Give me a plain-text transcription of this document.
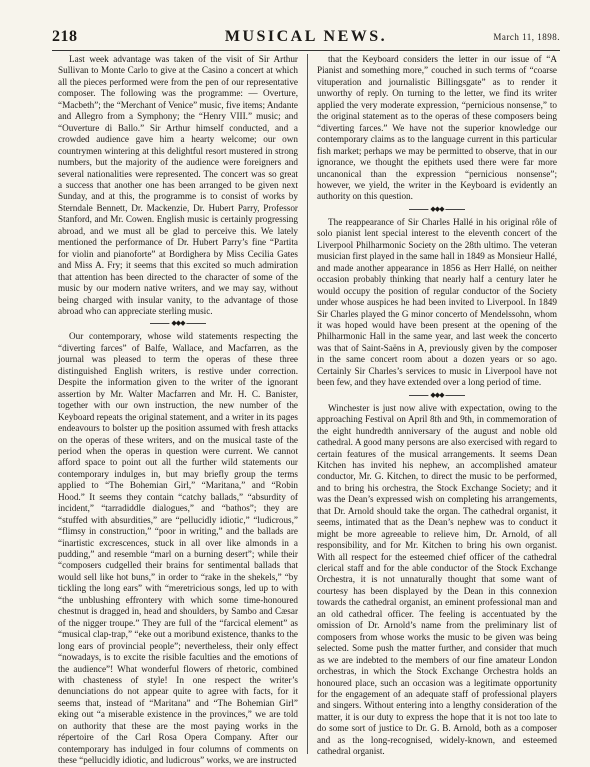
218	MUSICAL NEWS.	March 11, 1898.

Last week advantage was taken of the visit of Sir Arthur Sullivan to Monte Carlo to give at the Casino a concert at which all the pieces performed were from the pen of our representative composer. The following was the programme: — Overture, “Macbeth”; the “Merchant of Venice” music, five items; Andante and Allegro from a Symphony; the “Henry VIII.” music; and “Ouverture di Ballo.” Sir Arthur himself conducted, and a crowded audience gave him a hearty welcome; our own countrymen wintering at this delightful resort mustered in strong numbers, but the majority of the audience were foreigners and several nationalities were represented. The concert was so great a success that another one has been arranged to be given next Sunday, and at this, the programme is to consist of works by Sterndale Bennett, Dr. Mackenzie, Dr. Hubert Parry, Professor Stanford, and Mr. Cowen. English music is certainly progressing abroad, and we must all be glad to perceive this. We lately mentioned the performance of Dr. Hubert Parry’s fine “Partita for violin and pianoforte” at Bordighera by Miss Cecilia Gates and Miss A. Fry; it seems that this excited so much admiration that attention has been directed to the character of some of the music by our modern native writers, and we may say, without being charged with insular vanity, to the advantage of those abroad who can appreciate sterling music.

◆◆◆

Our contemporary, whose wild statements respecting the “diverting farces” of Balfe, Wallace, and Macfarren, as the journal was pleased to term the operas of these three distinguished English writers, is restive under correction. Despite the information given to the writer of the ignorant assertion by Mr. Walter Macfarren and Mr. H. C. Banister, together with our own instruction, the new number of the Keyboard repeats the original statement, and a writer in its pages endeavours to bolster up the position assumed with fresh attacks on the operas of these writers, and on the musical taste of the period when the operas in question were current. We cannot afford space to point out all the further wild statements our contemporary indulges in, but may briefly group the terms applied to “The Bohemian Girl,” “Maritana,” and “Robin Hood.” It seems they contain “catchy ballads,” “absurdity of incident,” “tarradiddle dialogues,” and “bathos”; they are “stuffed with absurdities,” are “pellucidly idiotic,” “ludicrous,” “flimsy in construction,” “poor in writing,” and the ballads are “inartistic excrescences, stuck in all over like almonds in a pudding,” and resemble “marl on a burning desert”; while their “composers cudgelled their brains for sentimental ballads that would sell like hot buns,” in order to “rake in the shekels,” “by tickling the long ears” with “meretricious songs, led up to with “the unblushing effrontery with which some time-honoured chestnut is dragged in, head and shoulders, by Sambo and Cæsar of the nigger troupe.” They are full of the “farcical element” as “musical clap-trap,” “eke out a moribund existence, thanks to the long ears of provincial people”; nevertheless, their only effect “nowadays, is to excite the risible faculties and the emotions of the audience”! What wonderful flowers of rhetoric, combined with chasteness of style! In one respect the writer’s denunciations do not appear quite to agree with facts, for it seems that, instead of “Maritana” and “The Bohemian Girl” eking out “a miserable existence in the provinces,” we are told on authority that these are the most paying works in the répertoire of the Carl Rosa Opera Company. After our contemporary has indulged in four columns of comments on these “pellucidly idiotic, and ludicrous” works, we are instructed

that the Keyboard considers the letter in our issue of “A Pianist and something more,” couched in such terms of “coarse vituperation and journalistic Billingsgate” as to render it unworthy of reply. On turning to the letter, we find its writer applied the very moderate expression, “pernicious nonsense,” to the original statement as to the operas of these composers being “diverting farces.” We have not the superior knowledge our contemporary claims as to the language current in this particular fish market; perhaps we may be permitted to observe, that in our ignorance, we thought the epithets used there were far more uncanonical than the expression “pernicious nonsense”; however, we yield, the writer in the Keyboard is evidently an authority on this question.

◆◆◆

The reappearance of Sir Charles Hallé in his original rôle of solo pianist lent special interest to the eleventh concert of the Liverpool Philharmonic Society on the 28th ultimo. The veteran musician first played in the same hall in 1849 as Monsieur Hallé, and made another appearance in 1856 as Herr Hallé, on neither occasion probably thinking that nearly half a century later he would occupy the position of regular conductor of the Society under whose auspices he had been invited to Liverpool. In 1849 Sir Charles played the G minor concerto of Mendelssohn, whom it was hoped would have been present at the opening of the Philharmonic Hall in the same year, and last week the concerto was that of Saint-Saëns in A, previously given by the composer in the same concert room about a dozen years or so ago. Certainly Sir Charles’s services to music in Liverpool have not been few, and they have extended over a long period of time.

◆◆◆

Winchester is just now alive with expectation, owing to the approaching Festival on April 8th and 9th, in commemoration of the eight hundredth anniversary of the august and noble old cathedral. A good many persons are also exercised with regard to certain features of the musical arrangements. It seems Dean Kitchen has invited his nephew, an accomplished amateur conductor, Mr. G. Kitchen, to direct the music to be performed, and to bring his orchestra, the Stock Exchange Society; and it was the Dean’s expressed wish on completing his arrangements, that Dr. Arnold should take the organ. The cathedral organist, it seems, intimated that as the Dean’s nephew was to conduct it might be more agreeable to relieve him, Dr. Arnold, of all responsibility, and for Mr. Kitchen to bring his own organist. With all respect for the esteemed chief officer of the cathedral clerical staff and for the able conductor of the Stock Exchange Orchestra, it is not unnaturally thought that some want of courtesy has been displayed by the Dean in this connexion towards the cathedral organist, an eminent professional man and an old cathedral officer. The feeling is accentuated by the omission of Dr. Arnold’s name from the preliminary list of composers from whose works the music to be given was being selected. Some push the matter further, and consider that much as we are indebted to the members of our fine amateur London orchestras, in which the Stock Exchange Orchestra holds an honoured place, such an occasion was a legitimate opportunity for the engagement of an adequate staff of professional players and singers. Without entering into a lengthy consideration of the matter, it is our duty to express the hope that it is not too late to do some sort of justice to Dr. G. B. Arnold, both as a composer and as the long-recognised, widely-known, and esteemed cathedral organist.
